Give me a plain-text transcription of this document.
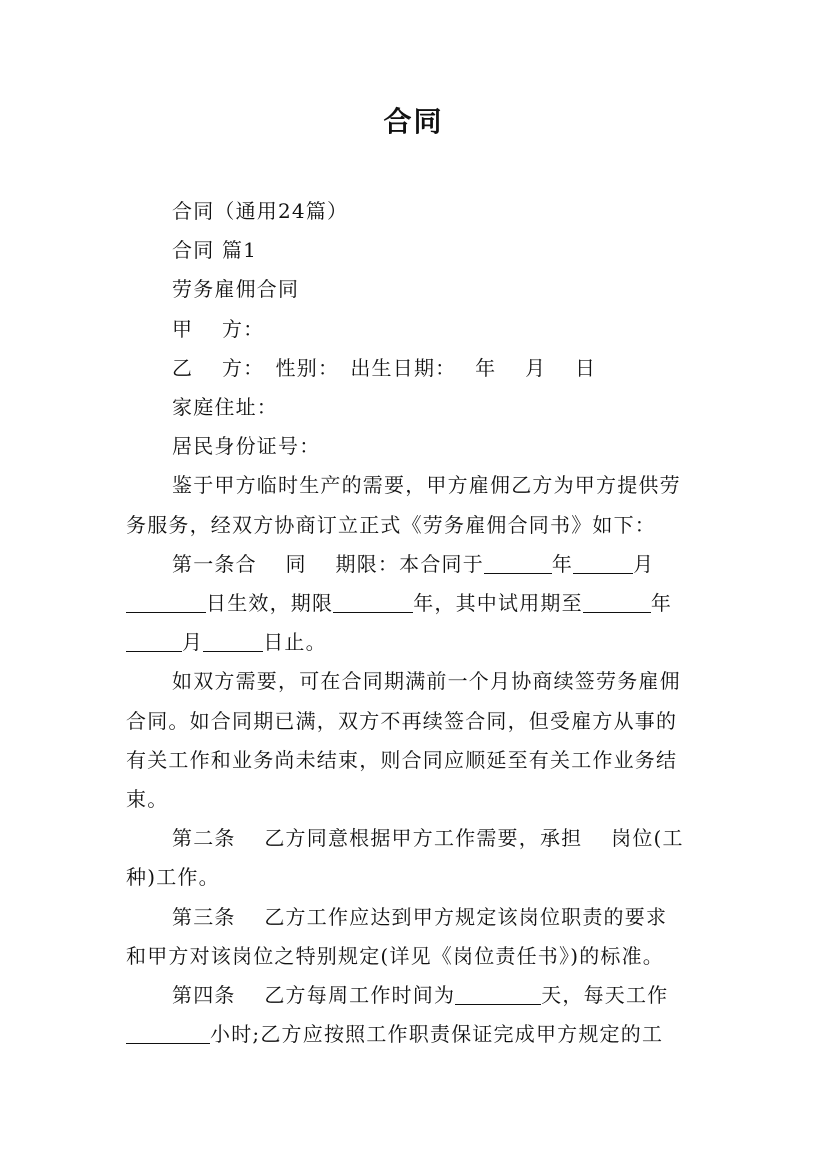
合同

合同（通用24篇）

合同 篇1

劳务雇佣合同

甲　 方：

乙　 方：　性别：　出生日期：　 年　 月　 日

家庭住址：

居民身份证号：

鉴于甲方临时生产的需要，甲方雇佣乙方为甲方提供劳

务服务，经双方协商订立正式《劳务雇佣合同书》如下：

第一条合　 同　 期限：本合同于	年	月

日生效，期限	年，其中试用期至	年

月	日止。

如双方需要，可在合同期满前一个月协商续签劳务雇佣

合同。如合同期已满，双方不再续签合同，但受雇方从事的

有关工作和业务尚未结束，则合同应顺延至有关工作业务结

束。

第二条　 乙方同意根据甲方工作需要，承担　 岗位(工

种)工作。

第三条　 乙方工作应达到甲方规定该岗位职责的要求

和甲方对该岗位之特别规定(详见《岗位责任书》)的标准。

第四条　 乙方每周工作时间为	天，每天工作

小时;乙方应按照工作职责保证完成甲方规定的工
